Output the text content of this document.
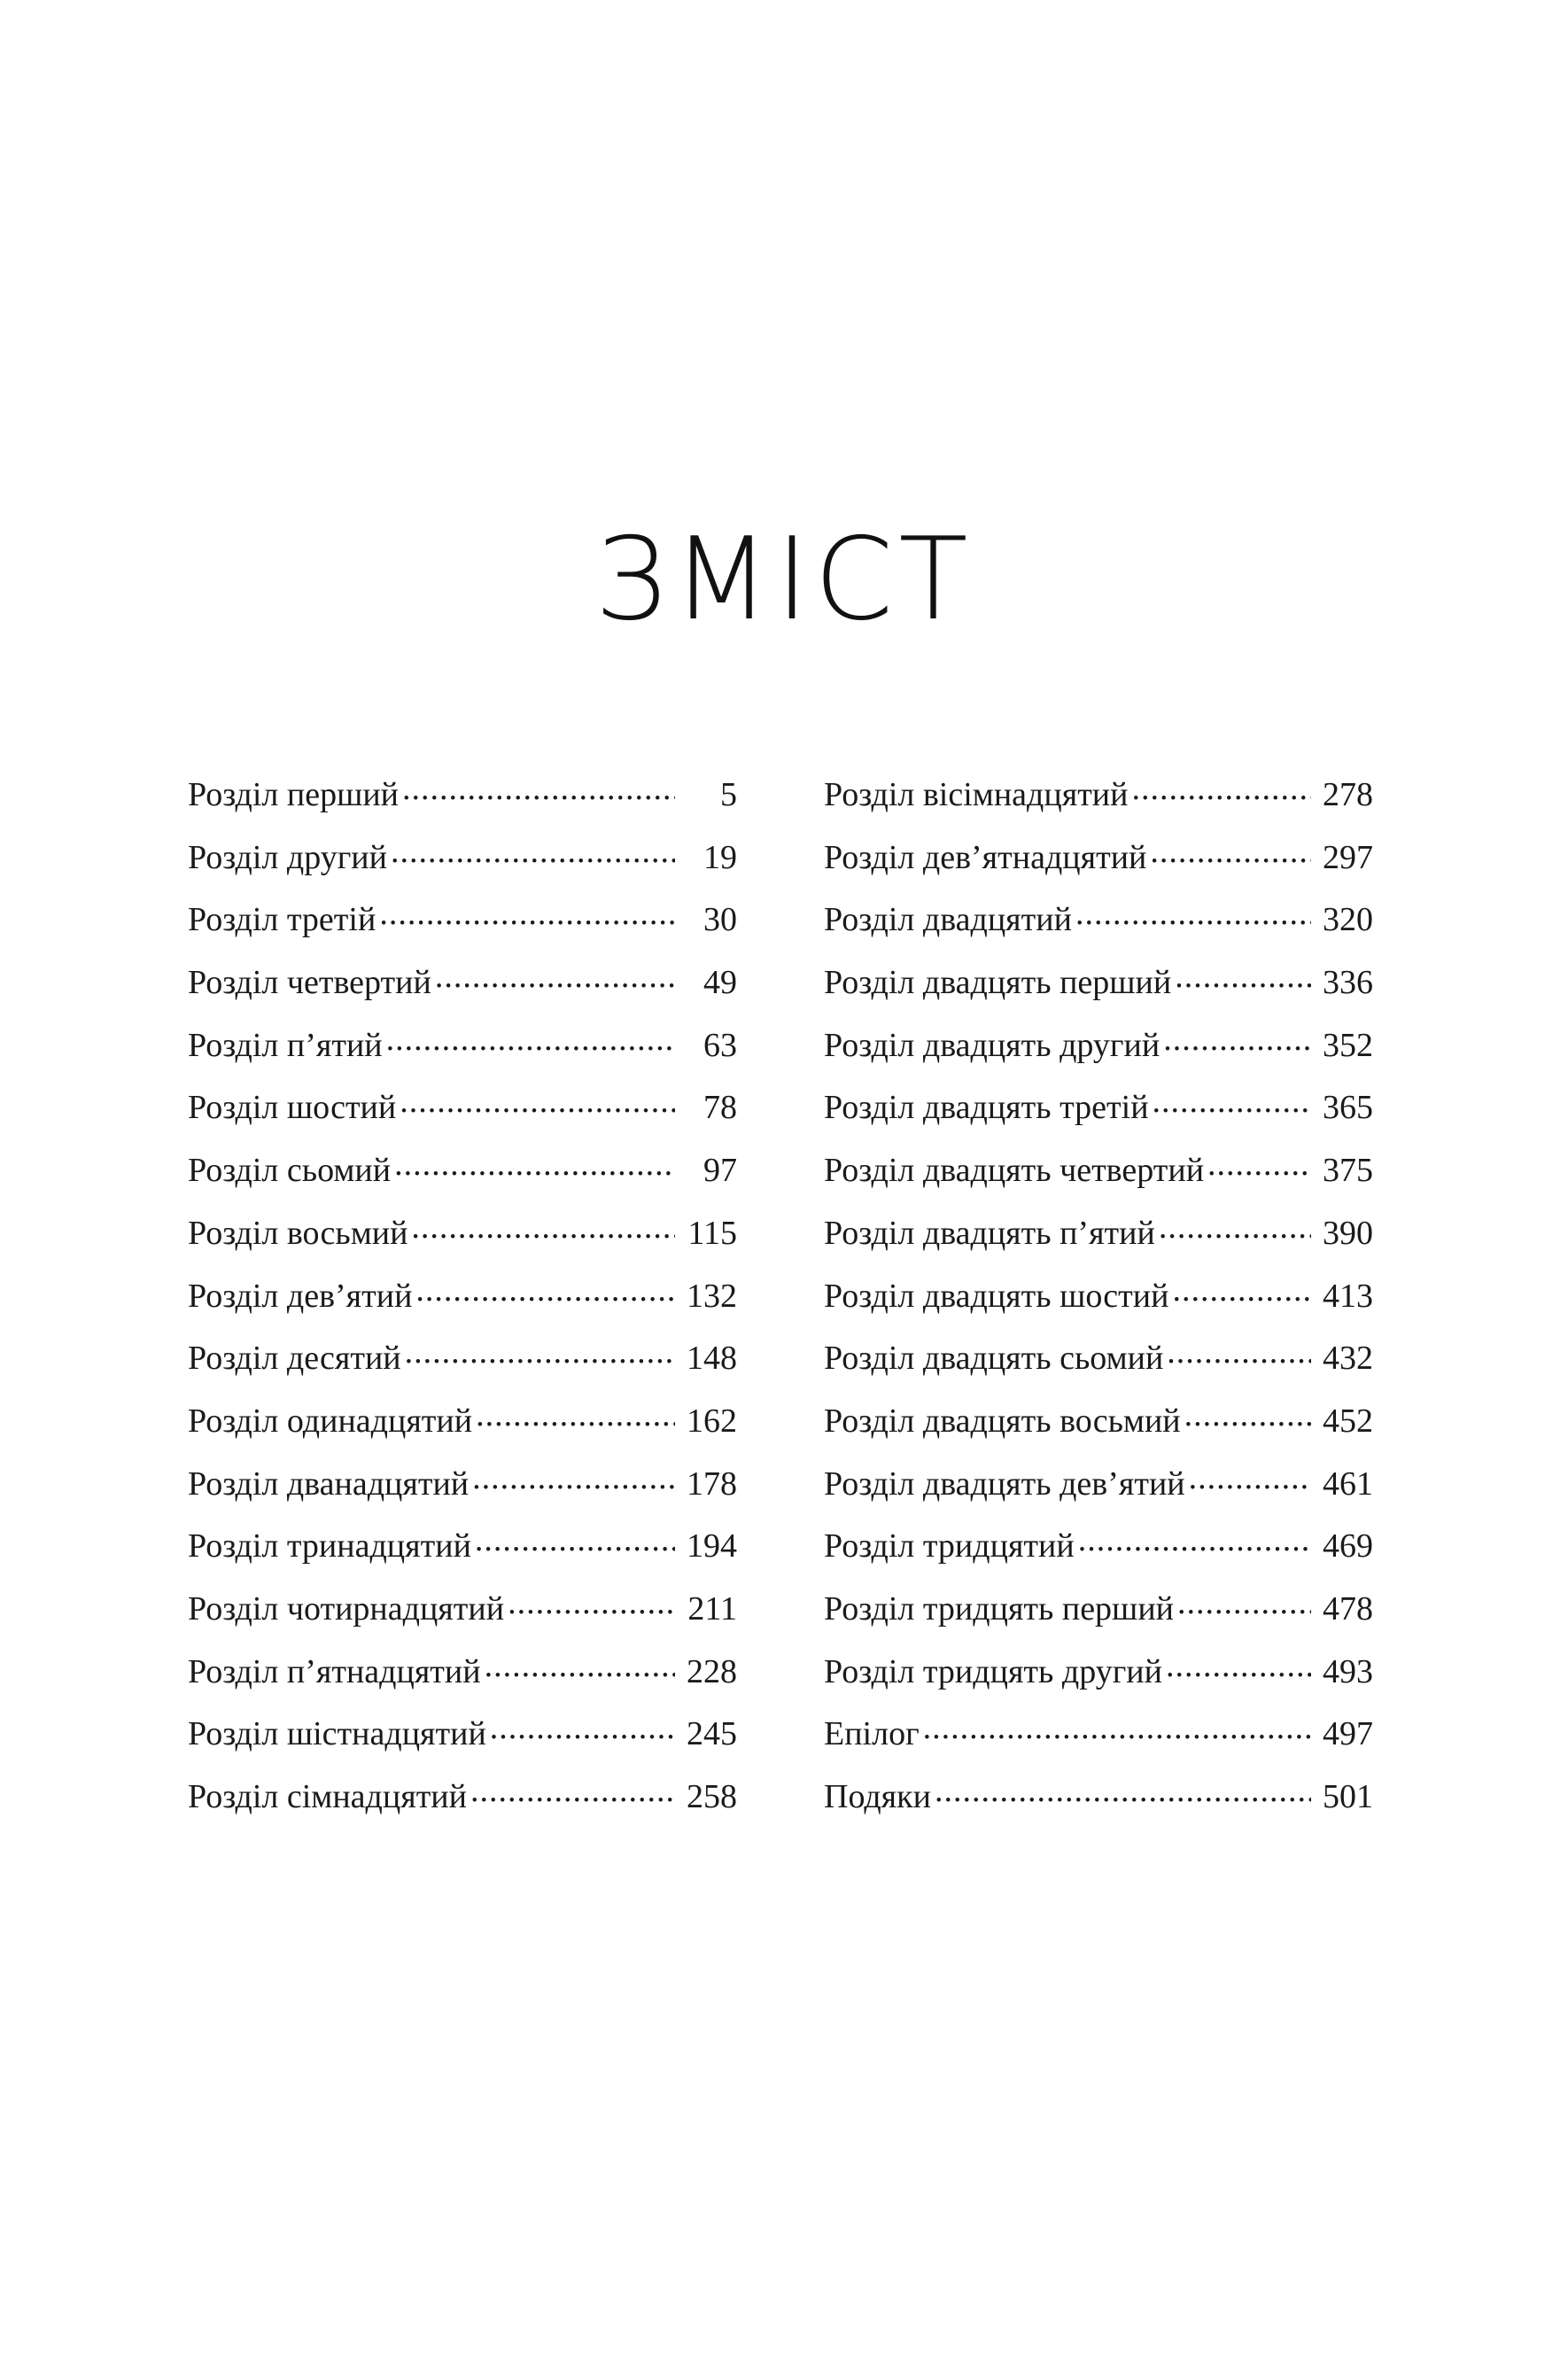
ЗМІСТ
Розділ перший .....	5
Розділ другий .....	19
Розділ третій .....	30
Розділ четвертий .....	49
Розділ п’ятий .....	63
Розділ шостий .....	78
Розділ сьомий .....	97
Розділ восьмий .....	115
Розділ дев’ятий .....	132
Розділ десятий .....	148
Розділ одинадцятий .....	162
Розділ дванадцятий .....	178
Розділ тринадцятий .....	194
Розділ чотирнадцятий .....	211
Розділ п’ятнадцятий .....	228
Розділ шістнадцятий .....	245
Розділ сімнадцятий .....	258
Розділ вісімнадцятий .....	278
Розділ дев’ятнадцятий .....	297
Розділ двадцятий .....	320
Розділ двадцять перший .....	336
Розділ двадцять другий .....	352
Розділ двадцять третій .....	365
Розділ двадцять четвертий .....	375
Розділ двадцять п’ятий .....	390
Розділ двадцять шостий .....	413
Розділ двадцять сьомий .....	432
Розділ двадцять восьмий .....	452
Розділ двадцять дев’ятий .....	461
Розділ тридцятий .....	469
Розділ тридцять перший .....	478
Розділ тридцять другий .....	493
Епілог .....	497
Подяки .....	501
